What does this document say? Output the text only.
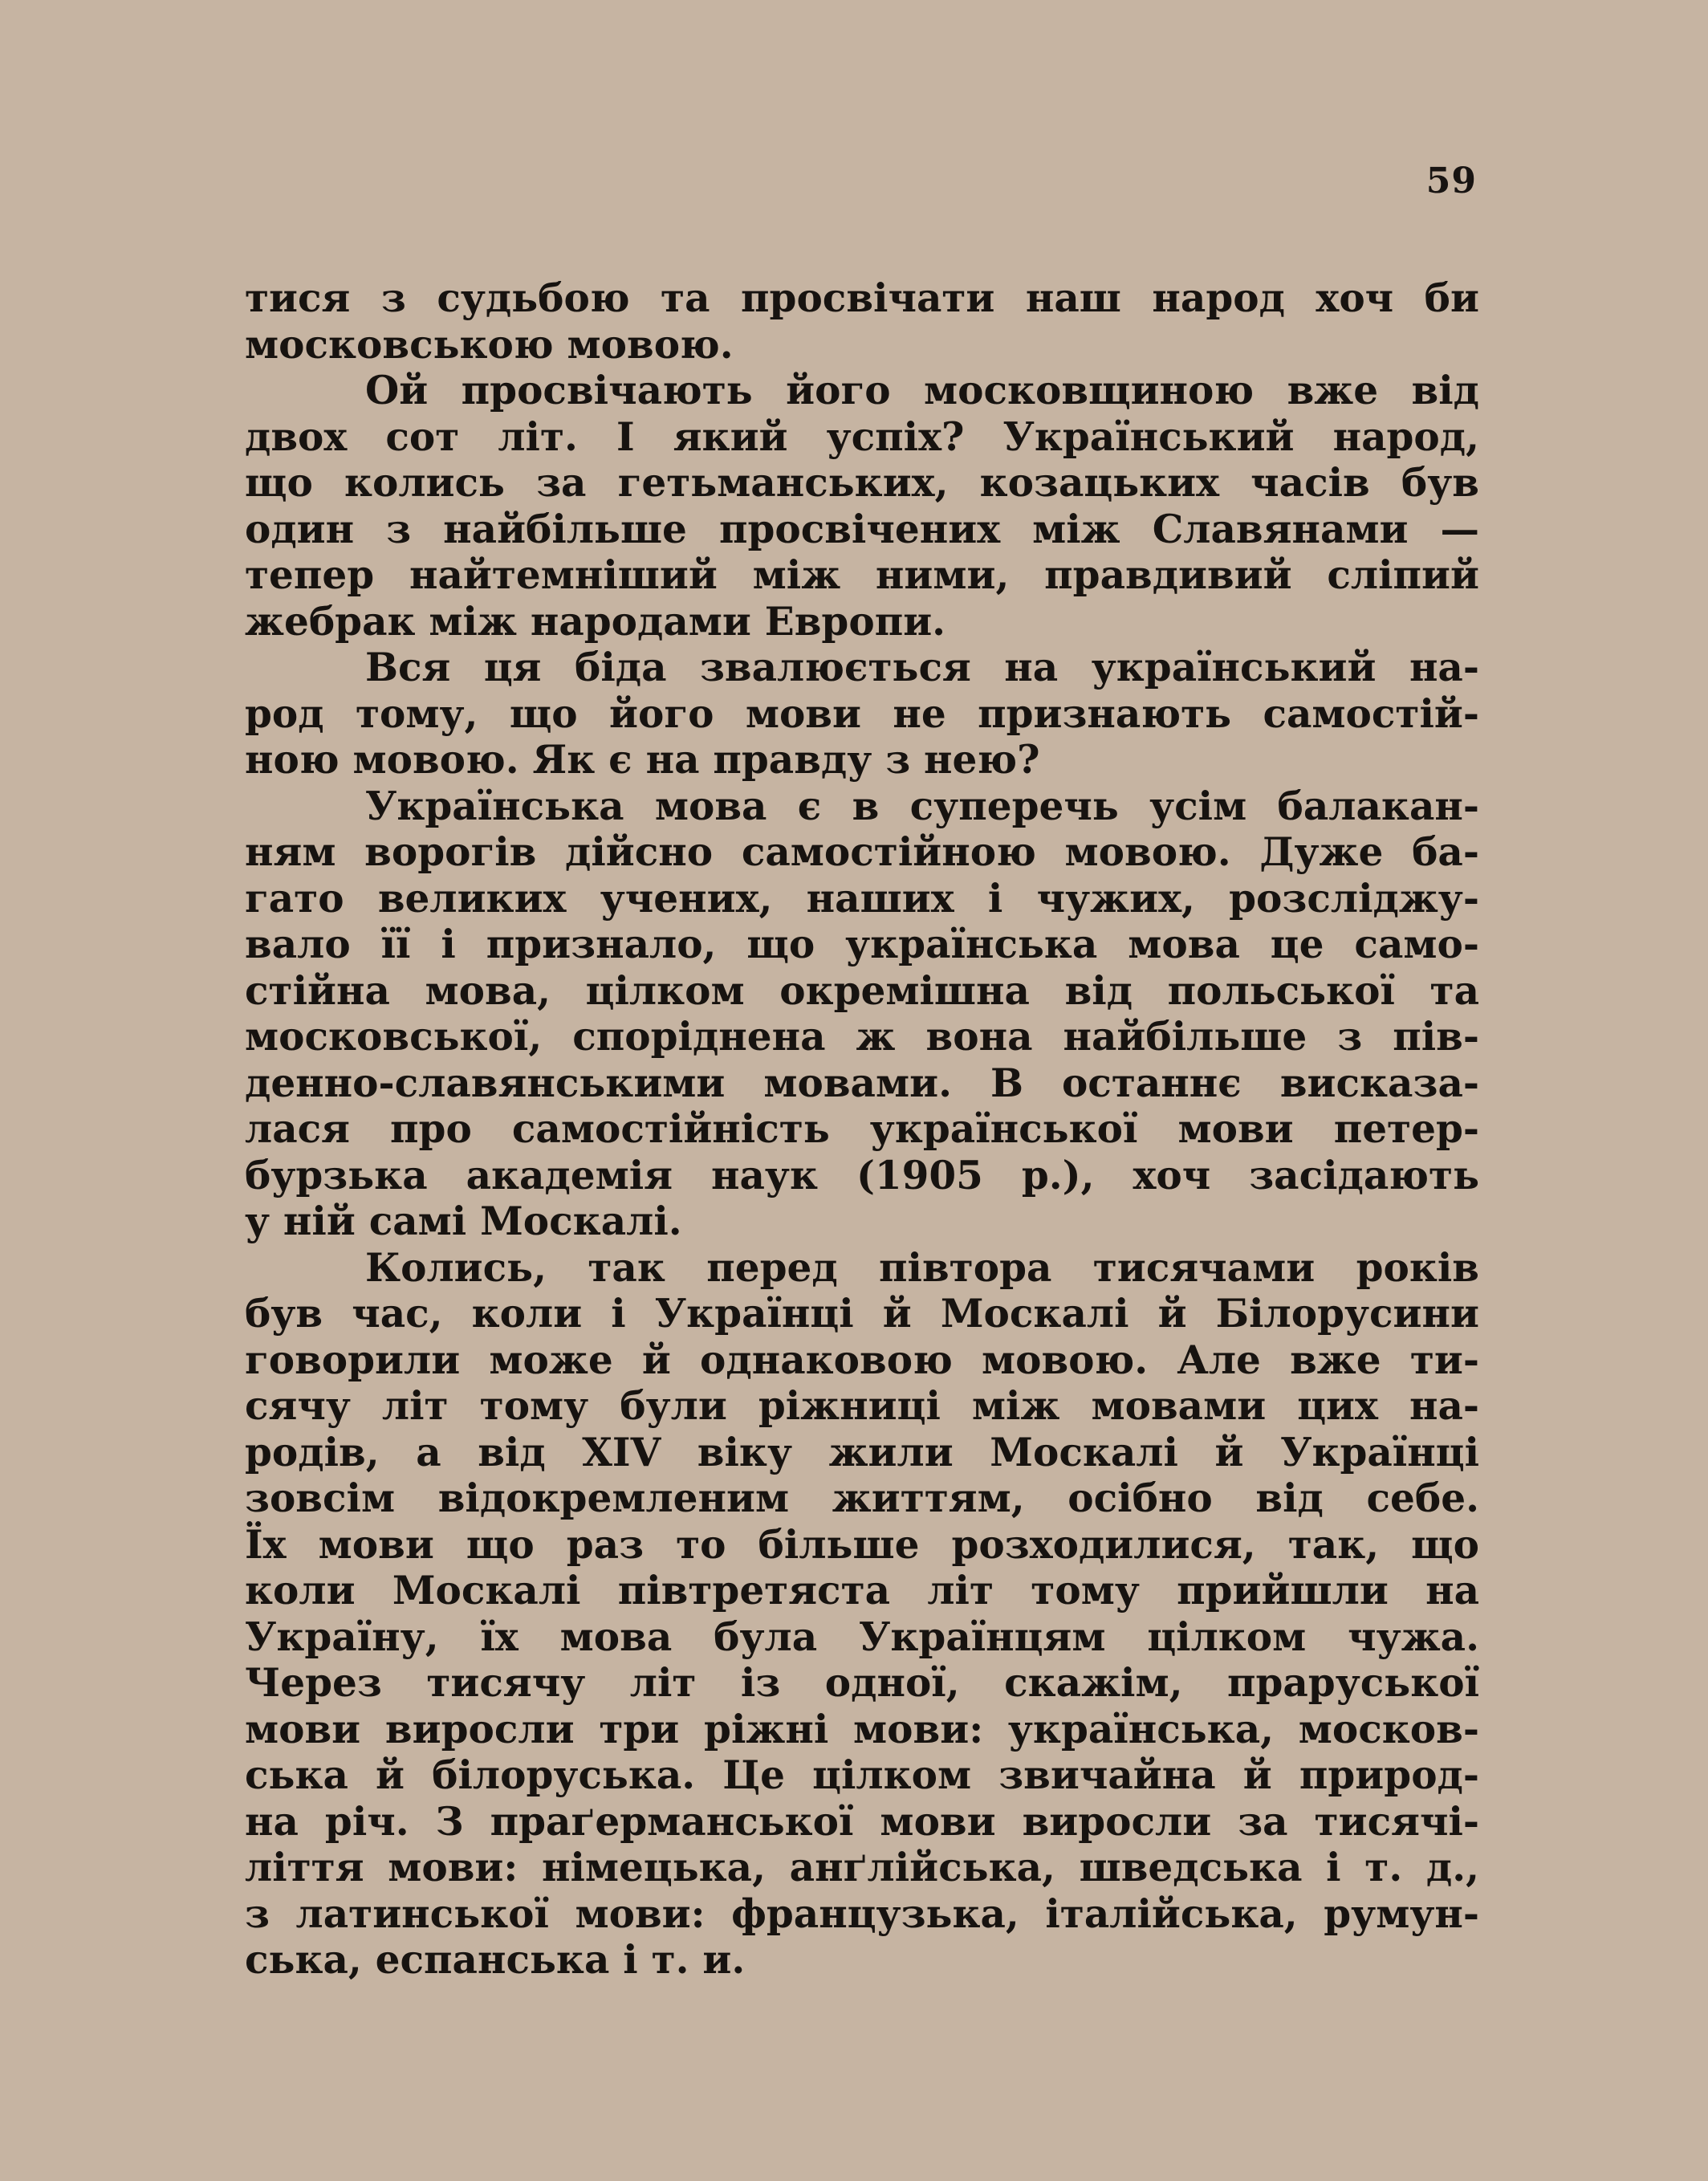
59
тися з судьбою та просвічати наш народ хоч би
московською мовою.
Ой просвічають його московщиною вже від
двох сот літ. І який успіх? Український народ,
що колись за гетьманських, козацьких часів був
один з найбільше просвічених між Славянами —
тепер найтемніший між ними, правдивий сліпий
жебрак між народами Европи.
Вся ця біда звалюється на український на-
род тому, що його мови не признають самостій-
ною мовою. Як є на правду з нею?
Українська мова є в суперечь усім балакан-
ням ворогів дійсно самостійною мовою. Дуже ба-
гато великих учених, наших і чужих, розсліджу-
вало її і признало, що українська мова це само-
стійна мова, цілком окремішна від польської та
московської, споріднена ж вона найбільше з пів-
денно-славянськими мовами. В останнє висказа-
лася про самостійність української мови петер-
бурзька академія наук (1905 р.), хоч засідають
у ній самі Москалі.
Колись, так перед півтора тисячами років
був час, коли і Українці й Москалі й Білорусини
говорили може й однаковою мовою. Але вже ти-
сячу літ тому були ріжниці між мовами цих на-
родів, а від XIV віку жили Москалі й Українці
зовсім відокремленим життям, осібно від себе.
Їх мови що раз то більше розходилися, так, що
коли Москалі півтретяста літ тому прийшли на
Україну, їх мова була Українцям цілком чужа.
Через тисячу літ із одної, скажім, праруської
мови виросли три ріжні мови: українська, москов-
ська й білоруська. Це цілком звичайна й природ-
на річ. З праґерманської мови виросли за тисячі-
ліття мови: німецька, анґлійська, шведська і т. д.,
з латинської мови: французька, італійська, румун-
ська, еспанська і т. и.
